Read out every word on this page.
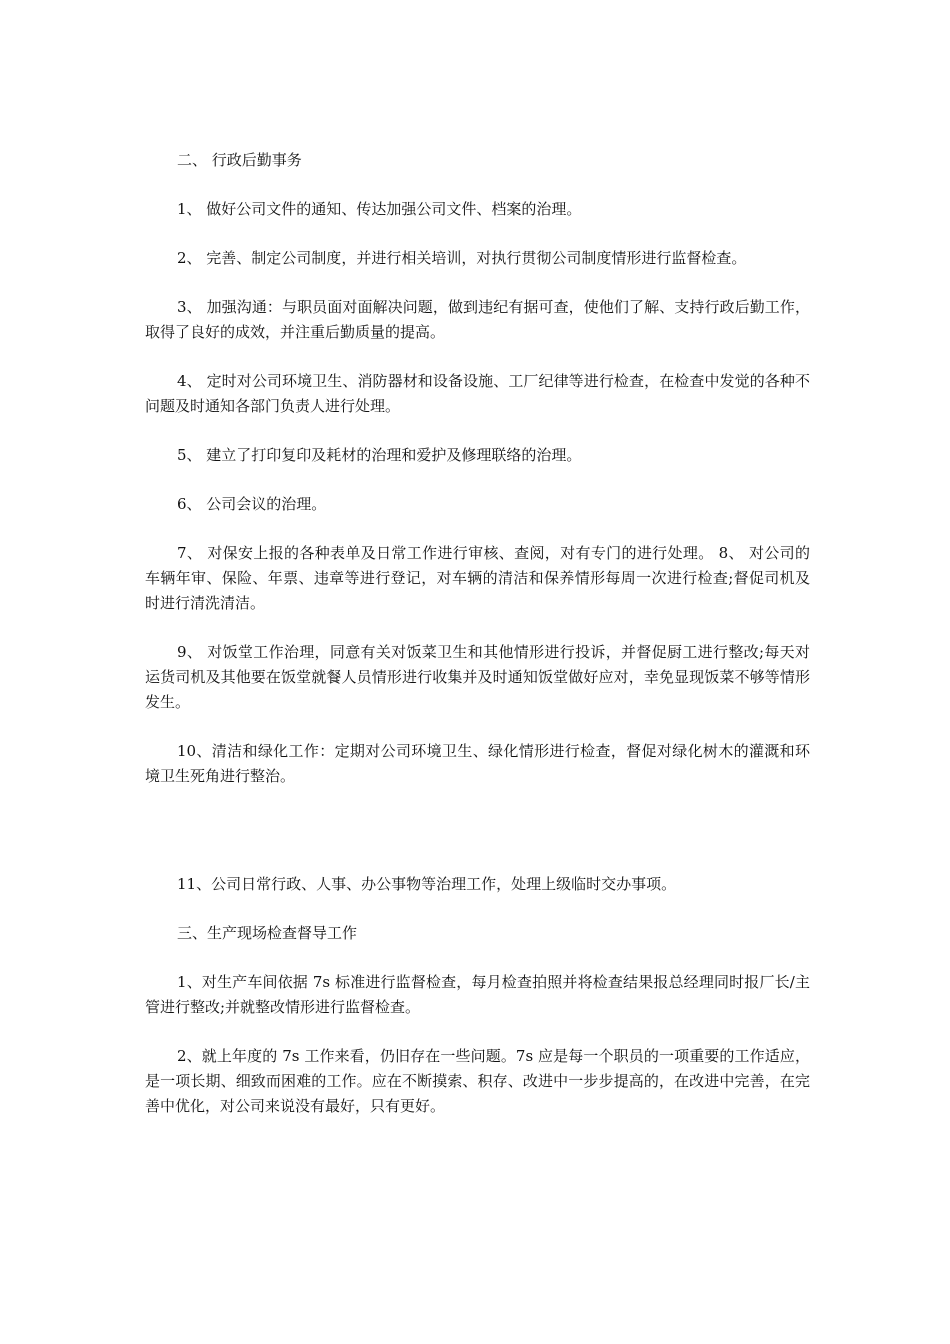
二、 行政后勤事务

1、 做好公司文件的通知、传达加强公司文件、档案的治理。

2、 完善、制定公司制度，并进行相关培训，对执行贯彻公司制度情形进行监督检查。

3、 加强沟通：与职员面对面解决问题，做到违纪有据可查，使他们了解、支持行政后勤工作，取得了良好的成效，并注重后勤质量的提高。

4、 定时对公司环境卫生、消防器材和设备设施、工厂纪律等进行检查，在检查中发觉的各种不问题及时通知各部门负责人进行处理。

5、 建立了打印复印及耗材的治理和爱护及修理联络的治理。

6、 公司会议的治理。

7、 对保安上报的各种表单及日常工作进行审核、查阅，对有专门的进行处理。 8、 对公司的车辆年审、保险、年票、违章等进行登记，对车辆的清洁和保养情形每周一次进行检查;督促司机及时进行清洗清洁。

9、 对饭堂工作治理，同意有关对饭菜卫生和其他情形进行投诉，并督促厨工进行整改;每天对运货司机及其他要在饭堂就餐人员情形进行收集并及时通知饭堂做好应对，幸免显现饭菜不够等情形发生。

10、清洁和绿化工作：定期对公司环境卫生、绿化情形进行检查，督促对绿化树木的灌溉和环境卫生死角进行整治。

11、公司日常行政、人事、办公事物等治理工作，处理上级临时交办事项。

三、生产现场检查督导工作

1、对生产车间依据 7s 标准进行监督检查，每月检查拍照并将检查结果报总经理同时报厂长/主管进行整改;并就整改情形进行监督检查。

2、就上年度的 7s 工作来看，仍旧存在一些问题。7s 应是每一个职员的一项重要的工作适应，是一项长期、细致而困难的工作。应在不断摸索、积存、改进中一步步提高的，在改进中完善，在完善中优化，对公司来说没有最好，只有更好。
